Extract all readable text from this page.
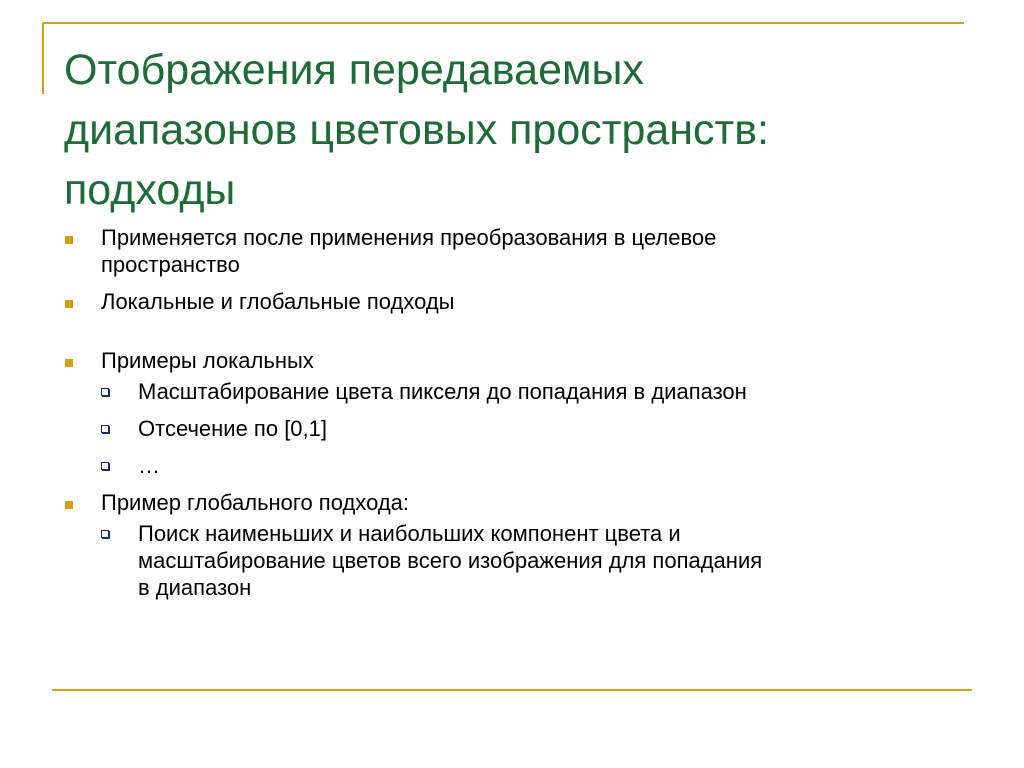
Отображения передаваемых
диапазонов цветовых пространств:
подходы
Применяется после применения преобразования в целевое
пространство
Локальные и глобальные подходы
Примеры локальных
Масштабирование цвета пикселя до попадания в диапазон
Отсечение по [0,1]
…
Пример глобального подхода:
Поиск наименьших и наибольших компонент цвета и
масштабирование цветов всего изображения для попадания
в диапазон
